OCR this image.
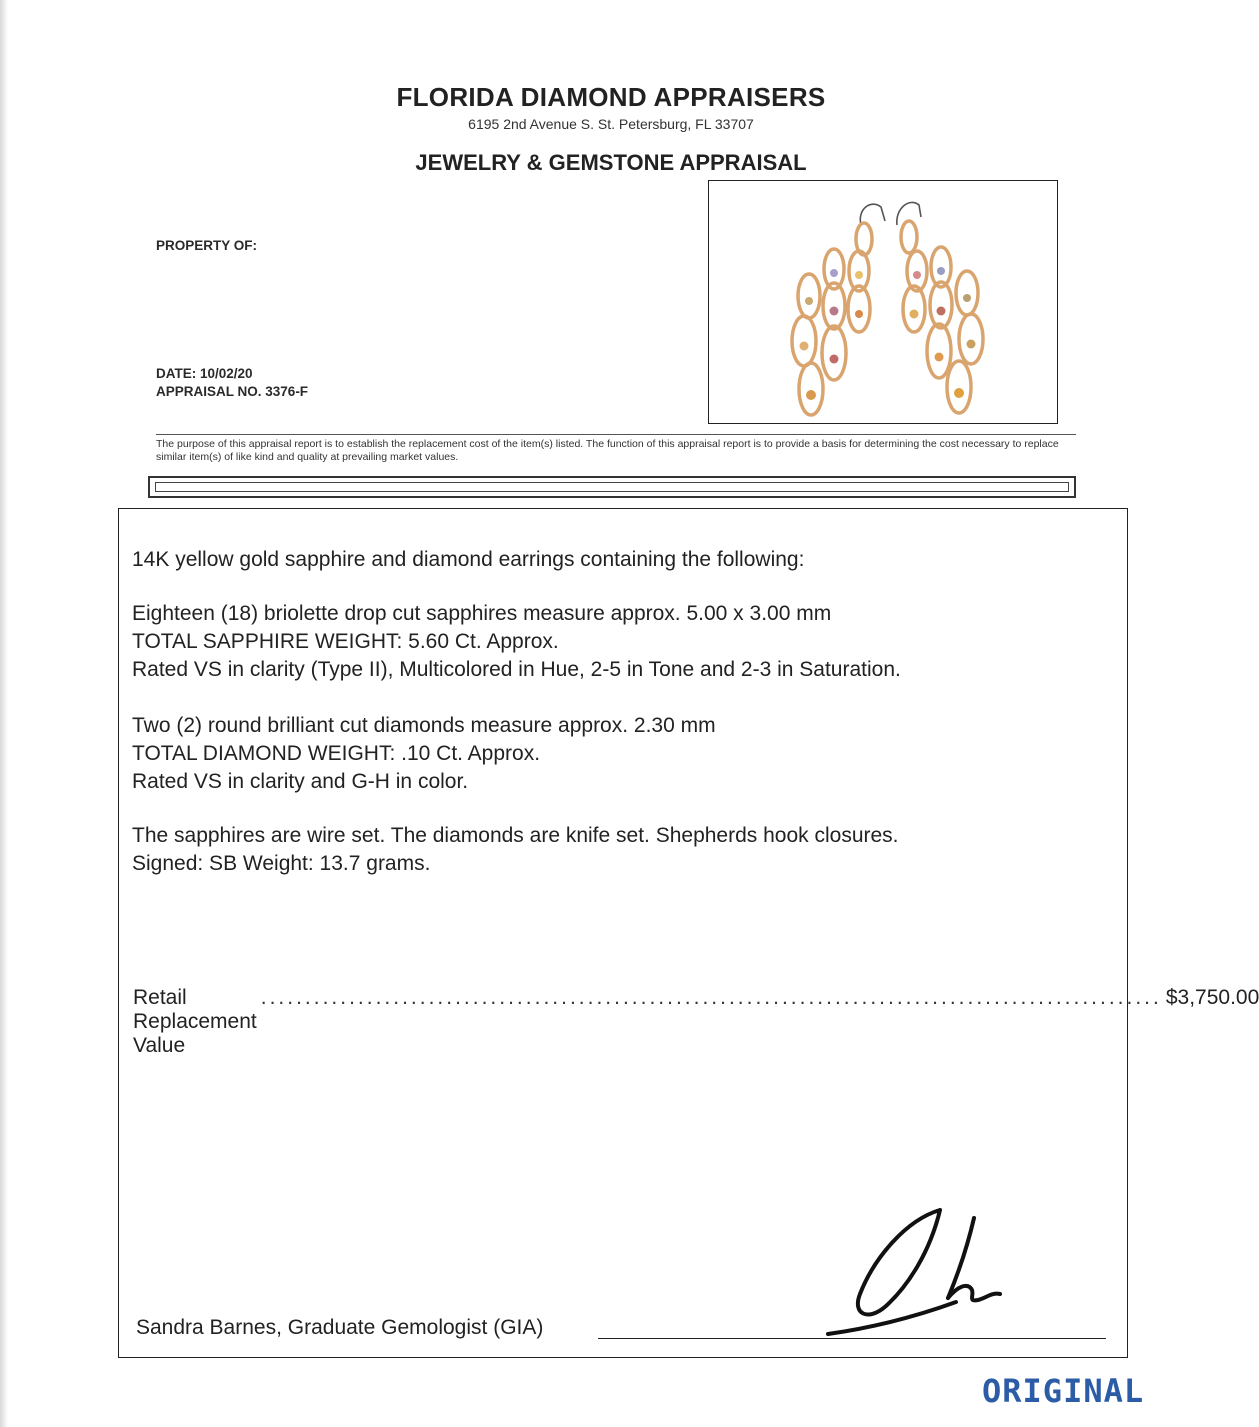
FLORIDA DIAMOND APPRAISERS
6195 2nd Avenue S. St. Petersburg, FL 33707
JEWELRY & GEMSTONE APPRAISAL
PROPERTY OF:
DATE: 10/02/20
APPRAISAL NO. 3376-F
The purpose of this appraisal report is to establish the replacement cost of the item(s) listed. The function of this appraisal report is to provide a basis for determining the cost necessary to replace similar item(s) of like kind and quality at prevailing market values.
14K yellow gold sapphire and diamond earrings containing the following:
Eighteen (18) briolette drop cut sapphires measure approx. 5.00 x 3.00 mm
TOTAL SAPPHIRE WEIGHT: 5.60 Ct. Approx.
Rated VS in clarity (Type II), Multicolored in Hue, 2-5 in Tone and 2-3 in Saturation.
Two (2) round brilliant cut diamonds measure approx. 2.30 mm
TOTAL DIAMOND WEIGHT: .10 Ct. Approx.
Rated VS in clarity and G-H in color.
The sapphires are wire set. The diamonds are knife set. Shepherds hook closures.
Signed: SB Weight: 13.7 grams.
Retail Replacement Value
...................................................................................................... $3,750.00
Sandra Barnes, Graduate Gemologist (GIA)
ORIGINAL
